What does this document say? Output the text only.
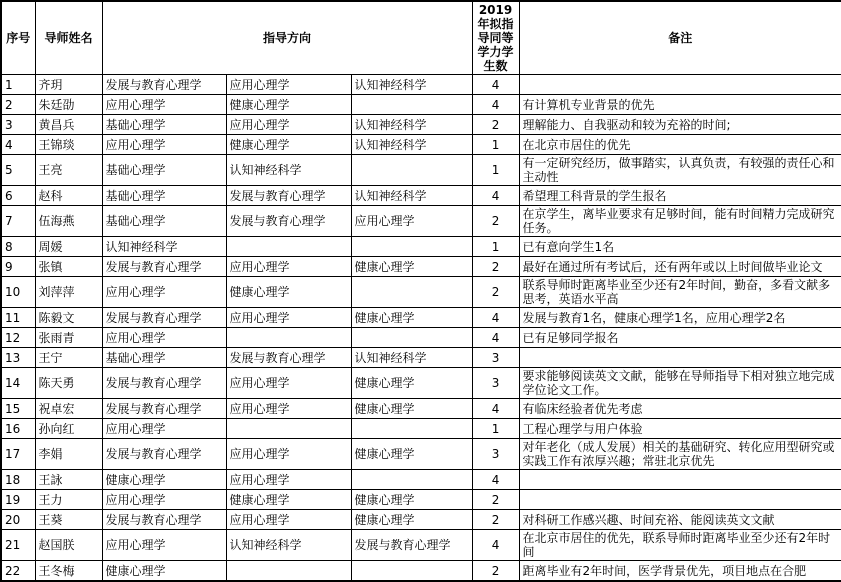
序号	导师姓名	指导方向			2019年拟指导同等学力学生数	备注
1	齐玥	发展与教育心理学	应用心理学	认知神经科学	4	
2	朱廷劭	应用心理学	健康心理学		4	有计算机专业背景的优先
3	黄昌兵	基础心理学	应用心理学	认知神经科学	2	理解能力、自我驱动和较为充裕的时间;
4	王锦琰	应用心理学	健康心理学	认知神经科学	1	在北京市居住的优先
5	王亮	基础心理学	认知神经科学		1	有一定研究经历，做事踏实，认真负责，有较强的责任心和主动性
6	赵科	基础心理学	发展与教育心理学	认知神经科学	4	希望理工科背景的学生报名
7	伍海燕	基础心理学	发展与教育心理学	应用心理学	2	在京学生，离毕业要求有足够时间，能有时间精力完成研究任务。
8	周媛	认知神经科学			1	已有意向学生1名
9	张镇	发展与教育心理学	应用心理学	健康心理学	2	最好在通过所有考试后，还有两年或以上时间做毕业论文
10	刘萍萍	应用心理学	健康心理学		2	联系导师时距离毕业至少还有2年时间，勤奋，多看文献多思考，英语水平高
11	陈毅文	发展与教育心理学	应用心理学	健康心理学	4	发展与教育1名，健康心理学1名，应用心理学2名
12	张雨青	应用心理学			4	已有足够同学报名
13	王宁	基础心理学	发展与教育心理学	认知神经科学	3	
14	陈天勇	发展与教育心理学	应用心理学	健康心理学	3	要求能够阅读英文文献，能够在导师指导下相对独立地完成学位论文工作。
15	祝卓宏	发展与教育心理学	应用心理学	健康心理学	4	有临床经验者优先考虑
16	孙向红	应用心理学			1	工程心理学与用户体验
17	李娟	发展与教育心理学	应用心理学	健康心理学	3	对年老化（成人发展）相关的基础研究、转化应用型研究或实践工作有浓厚兴趣；常驻北京优先
18	王詠	健康心理学	应用心理学		4	
19	王力	应用心理学	健康心理学	健康心理学	2	
20	王葵	发展与教育心理学	应用心理学	健康心理学	2	对科研工作感兴趣、时间充裕、能阅读英文文献
21	赵国朕	应用心理学	认知神经科学	发展与教育心理学	4	在北京市居住的优先，联系导师时距离毕业至少还有2年时间
22	王冬梅	健康心理学			2	距离毕业有2年时间，医学背景优先，项目地点在合肥
